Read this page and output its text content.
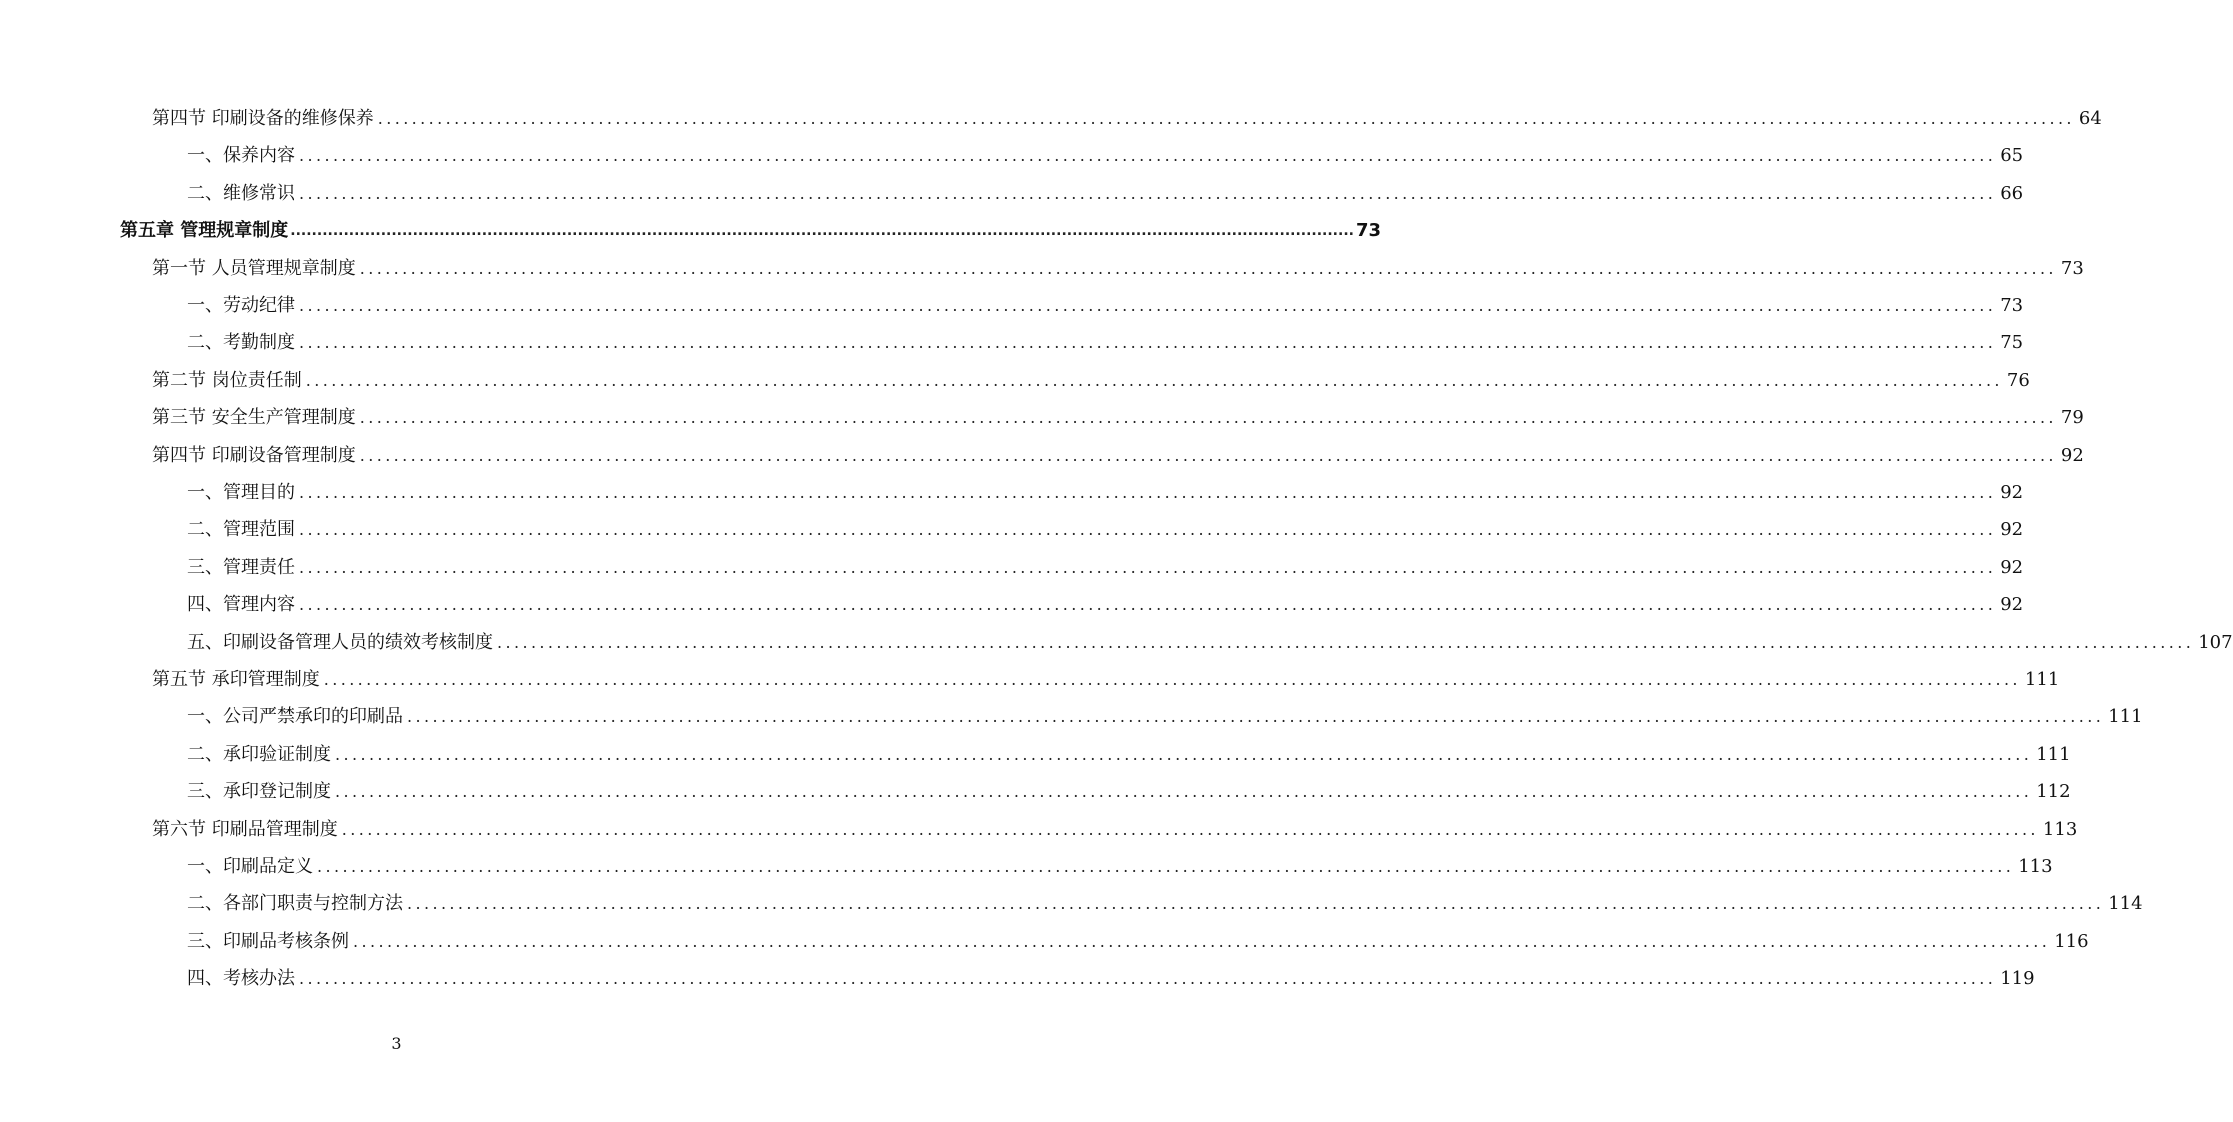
第四节 印刷设备的维修保养 ........................................................................................................................................................................................................ 64
一、保养内容 ........................................................................................................................................................................................................ 65
二、维修常识 ........................................................................................................................................................................................................ 66
第五章 管理规章制度 ........................................................................................................................................................................................................ 73
第一节 人员管理规章制度 ........................................................................................................................................................................................................ 73
一、劳动纪律 ........................................................................................................................................................................................................ 73
二、考勤制度 ........................................................................................................................................................................................................ 75
第二节 岗位责任制 ........................................................................................................................................................................................................ 76
第三节 安全生产管理制度 ........................................................................................................................................................................................................ 79
第四节 印刷设备管理制度 ........................................................................................................................................................................................................ 92
一、管理目的 ........................................................................................................................................................................................................ 92
二、管理范围 ........................................................................................................................................................................................................ 92
三、管理责任 ........................................................................................................................................................................................................ 92
四、管理内容 ........................................................................................................................................................................................................ 92
五、印刷设备管理人员的绩效考核制度 ........................................................................................................................................................................................................ 107
第五节 承印管理制度 ........................................................................................................................................................................................................ 111
一、公司严禁承印的印刷品 ........................................................................................................................................................................................................ 111
二、承印验证制度 ........................................................................................................................................................................................................ 111
三、承印登记制度 ........................................................................................................................................................................................................ 112
第六节 印刷品管理制度 ........................................................................................................................................................................................................ 113
一、印刷品定义 ........................................................................................................................................................................................................ 113
二、各部门职责与控制方法 ........................................................................................................................................................................................................ 114
三、印刷品考核条例 ........................................................................................................................................................................................................ 116
四、考核办法 ........................................................................................................................................................................................................ 119
3
